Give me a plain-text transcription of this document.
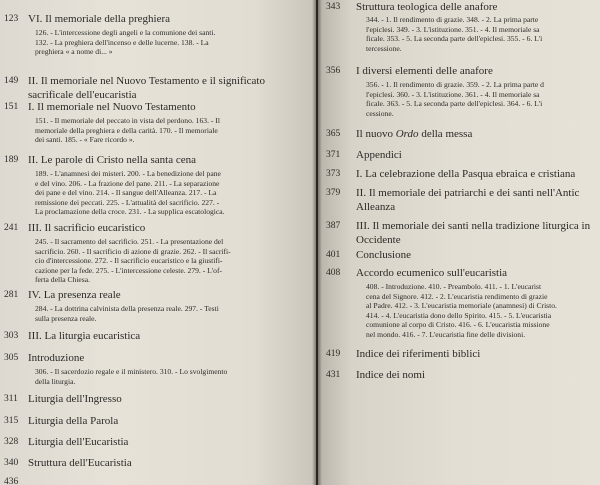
123 VI. Il memoriale della preghiera
126. - L'intercessione degli angeli e la comunione dei santi.
132. - La preghiera dell'incenso e delle lucerne. 138. - La
preghiera « a nome di... »
149 II. Il memoriale nel Nuovo Testamento e il significato
sacrificale dell'eucaristia
151 I. Il memoriale nel Nuovo Testamento
151. - Il memoriale del peccato in vista del perdono. 163. - Il
memoriale della preghiera e della carità. 170. - Il memoriale
dei santi. 185. - « Fare ricordo ».
189 II. Le parole di Cristo nella santa cena
189. - L'anamnesi dei misteri. 200. - La benedizione del pane
e del vino. 206. - La frazione del pane. 211. - La separazione
dei pane e del vino. 214. - Il sangue dell'Alleanza. 217. - La
remissione dei peccati. 225. - L'attualità del sacrificio. 227. -
La proclamazione della croce. 231. - La supplica escatologica.
241 III. Il sacrificio eucaristico
245. - Il sacramento del sacrificio. 251. - La presentazione del
sacrificio. 260. - Il sacrificio di azione di grazie. 262. - Il sacrifi-
cio d'intercessione. 272. - Il sacrificio eucaristico e la giustifi-
cazione per la fede. 275. - L'intercessione celeste. 279. - L'of-
ferta della Chiesa.
281 IV. La presenza reale
284. - La dottrina calvinista della presenza reale. 297. - Testi
sulla presenza reale.
303 III. La liturgia eucaristica
305 Introduzione
306. - Il sacerdozio regale e il ministero. 310. - Lo svolgimento
della liturgia.
311 Liturgia dell'Ingresso
315 Liturgia della Parola
328 Liturgia dell'Eucaristia
340 Struttura dell'Eucaristia
436
343	Struttura teologica delle anafore
344. - 1. Il rendimento di grazie. 348. - 2. La prima parte
l'epiclesi. 349. - 3. L'istituzione. 351. - 4. Il memoriale sa
ficale. 353. - 5. La seconda parte dell'epiclesi. 355. - 6. L'i
tercessione.
356	I diversi elementi delle anafore
356. - 1. Il rendimento di grazie. 359. - 2. La prima parte d
l'epiclesi. 360. - 3. L'istituzione. 361. - 4. Il memoriale sa
ficale. 363. - 5. La seconda parte dell'epiclesi. 364. - 6. L'i
cessione.
365	Il nuovo Ordo della messa
371	Appendici
373	I. La celebrazione della Pasqua ebraica e cristiana
379	II. Il memoriale dei patriarchi e dei santi nell'Antic
Alleanza
387	III. Il memoriale dei santi nella tradizione liturgica in
Occidente
401	Conclusione
408	Accordo ecumenico sull'eucaristia
408. - Introduzione. 410. - Preambolo. 411. - 1. L'eucarist
cena del Signore. 412. - 2. L'eucaristia rendimento di grazie
al Padre. 412. - 3. L'eucaristia memoriale (anamnesi) di Cristo.
414. - 4. L'eucaristia dono dello Spirito. 415. - 5. L'eucaristia
comunione al corpo di Cristo. 416. - 6. L'eucaristia missione
nel mondo. 416. - 7. L'eucaristia fine delle divisioni.
419	Indice dei riferimenti biblici
431	Indice dei nomi
